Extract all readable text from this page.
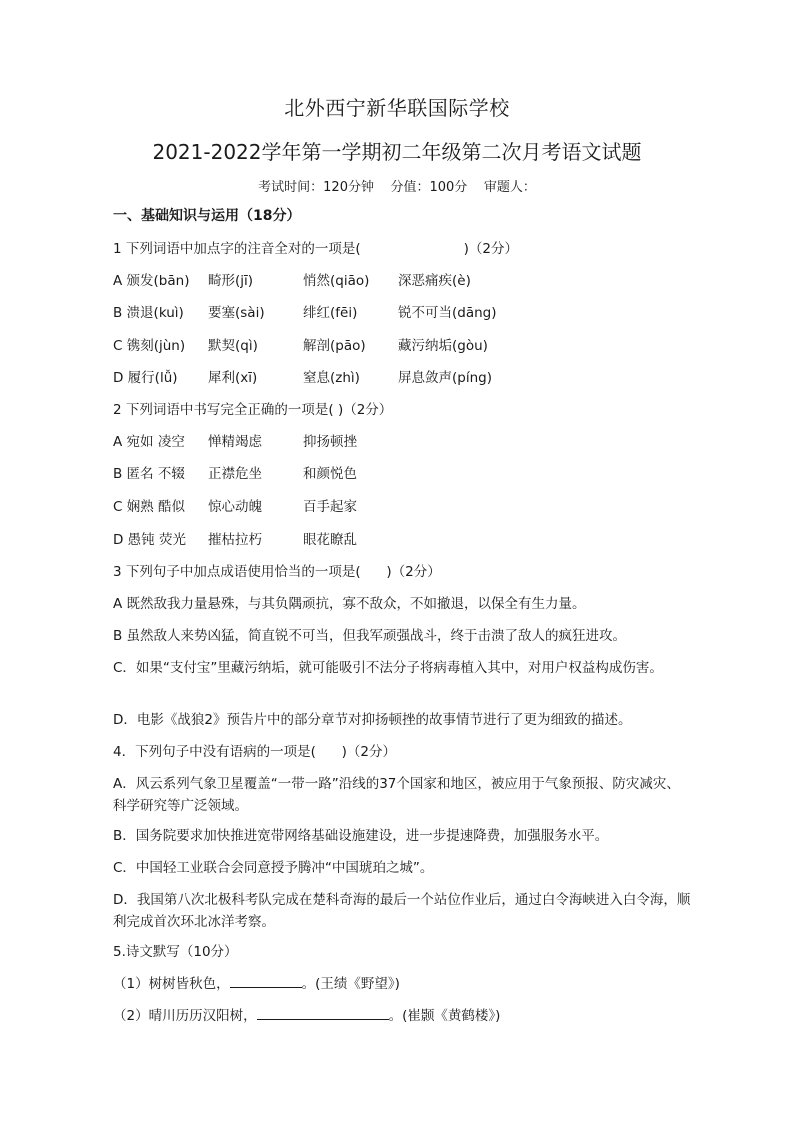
北外西宁新华联国际学校
2021-2022学年第一学期初二年级第二次月考语文试题
考试时间：120分钟    分值：100分    审题人：
一、基础知识与运用（18分）
1 下列词语中加点字的注音全对的一项是(                        )（2分）
A 颁发(bān) 畸形(jī)	悄然(qiāo) 深恶痛疾(è)
B 溃退(kuì) 要塞(sài)	绯红(fēi)	锐不可当(dāng)
C 镌刻(jùn) 默契(qì)	解剖(pāo) 藏污纳垢(gòu)
D 履行(lǚ) 犀利(xī)	窒息(zhì)	屏息敛声(píng)
2 下列词语中书写完全正确的一项是( )（2分）
A 宛如 凌空 惮精竭虑	抑扬顿挫
B 匿名 不辍 正襟危坐	和颜悦色
C 娴熟 酷似 惊心动魄	百手起家
D 愚钝 荧光 摧枯拉朽	眼花瞭乱
3 下列句子中加点成语使用恰当的一项是(      )（2分）
A 既然敌我力量悬殊，与其负隅顽抗，寡不敌众，不如撤退，以保全有生力量。
B 虽然敌人来势凶猛，简直锐不可当，但我军顽强战斗，终于击溃了敌人的疯狂进攻。
C．如果“支付宝”里藏污纳垢，就可能吸引不法分子将病毒植入其中，对用户权益构成伤害。
D．电影《战狼2》预告片中的部分章节对抑扬顿挫的故事情节进行了更为细致的描述。
4．下列句子中没有语病的一项是(      )（2分）
A．风云系列气象卫星覆盖“一带一路”沿线的37个国家和地区，被应用于气象预报、防灾减灾、科学研究等广泛领域。
B．国务院要求加快推进宽带网络基础设施建设，进一步提速降费，加强服务水平。
C．中国轻工业联合会同意授予腾冲“中国琥珀之城”。
D．我国第八次北极科考队完成在楚科奇海的最后一个站位作业后，通过白令海峡进入白令海，顺利完成首次环北冰洋考察。
5.诗文默写（10分）
（1）树树皆秋色，	。(王绩《野望》)
（2）晴川历历汉阳树，	。(崔颢《黄鹤楼》)
